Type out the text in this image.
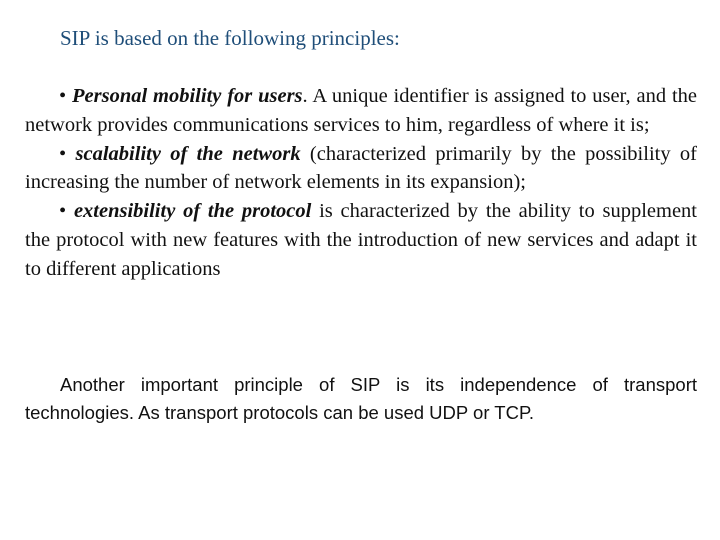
SIP is based on the following principles:

• Personal mobility for users. A unique identifier is assigned to user, and the network provides communications services to him, regardless of where it is;

• scalability of the network (characterized primarily by the possibility of increasing the number of network elements in its expansion);

• extensibility of the protocol is characterized by the ability to supplement the protocol with new features with the introduction of new services and adapt it to different applications

Another important principle of SIP is its independence of transport technologies. As transport protocols can be used UDP or TCP.
